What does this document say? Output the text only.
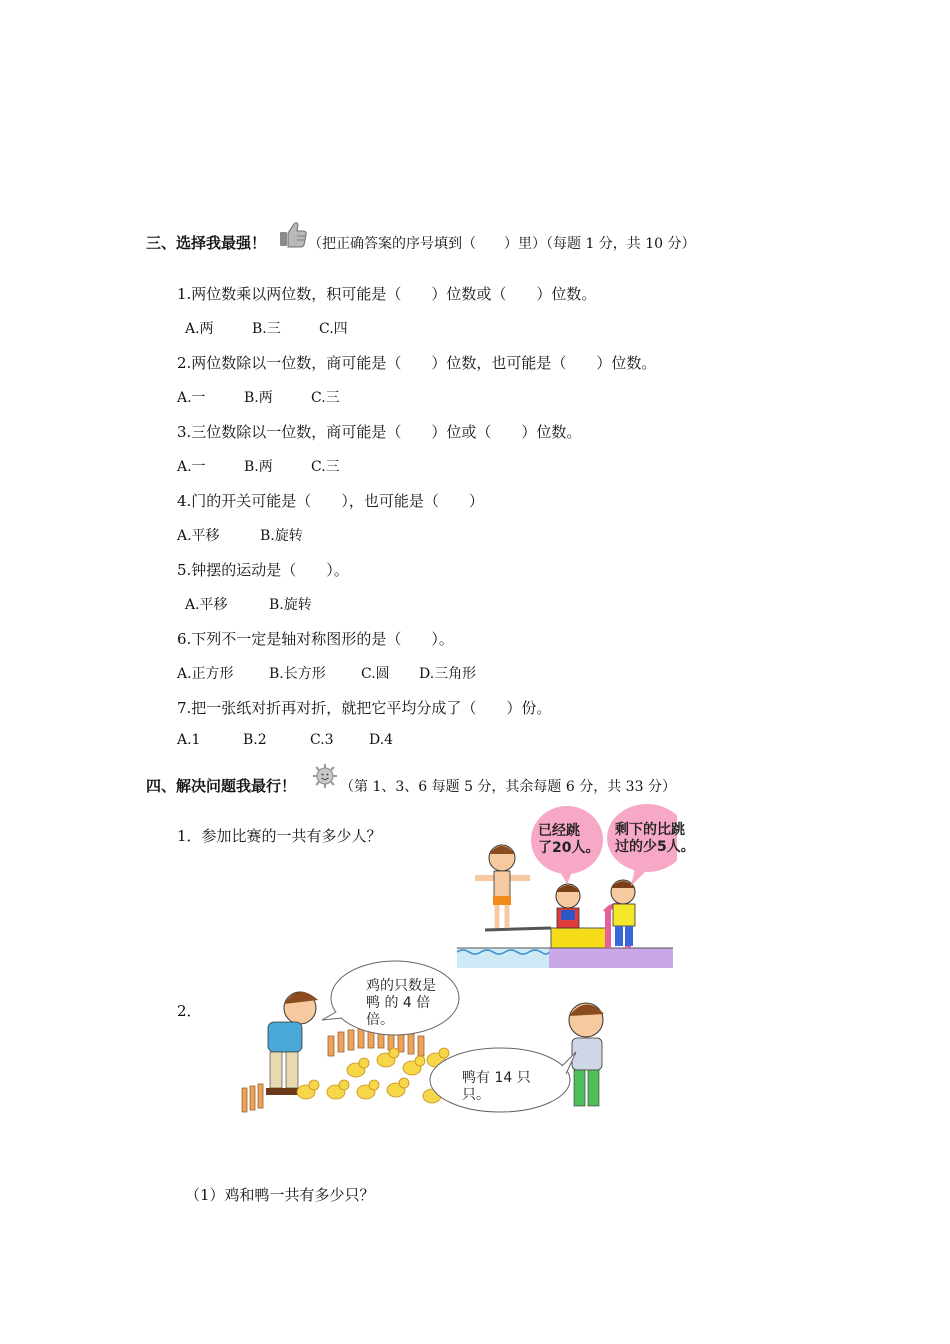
三、选择我最强！	（把正确答案的序号填到（　　）里）（每题 1 分，共 10 分）
1.两位数乘以两位数，积可能是（　　）位数或（　　）位数。
A.两	B.三	C.四
2.两位数除以一位数，商可能是（　　）位数，也可能是（　　）位数。
A.一	B.两	C.三
3.三位数除以一位数，商可能是（　　）位或（　　）位数。
A.一	B.两	C.三
4.门的开关可能是（　　），也可能是（　　）
A.平移	B.旋转
5.钟摆的运动是（　　）。
A.平移	B.旋转
6.下列不一定是轴对称图形的是（　　）。
A.正方形	B.长方形	C.圆 D.三角形
7.把一张纸对折再对折，就把它平均分成了（　　）份。
A.1	B.2	C.3	D.4
四、解决问题我最行！	（第 1、3、6 每题 5 分，其余每题 6 分，共 33 分）
1．参加比赛的一共有多少人？	已经跳
了20人。
剩下的比跳
过的少5人。
2．
鸡的只数是
鸭 的 4 倍
倍。
鸭有 14 只
只。
（1）鸡和鸭一共有多少只？
